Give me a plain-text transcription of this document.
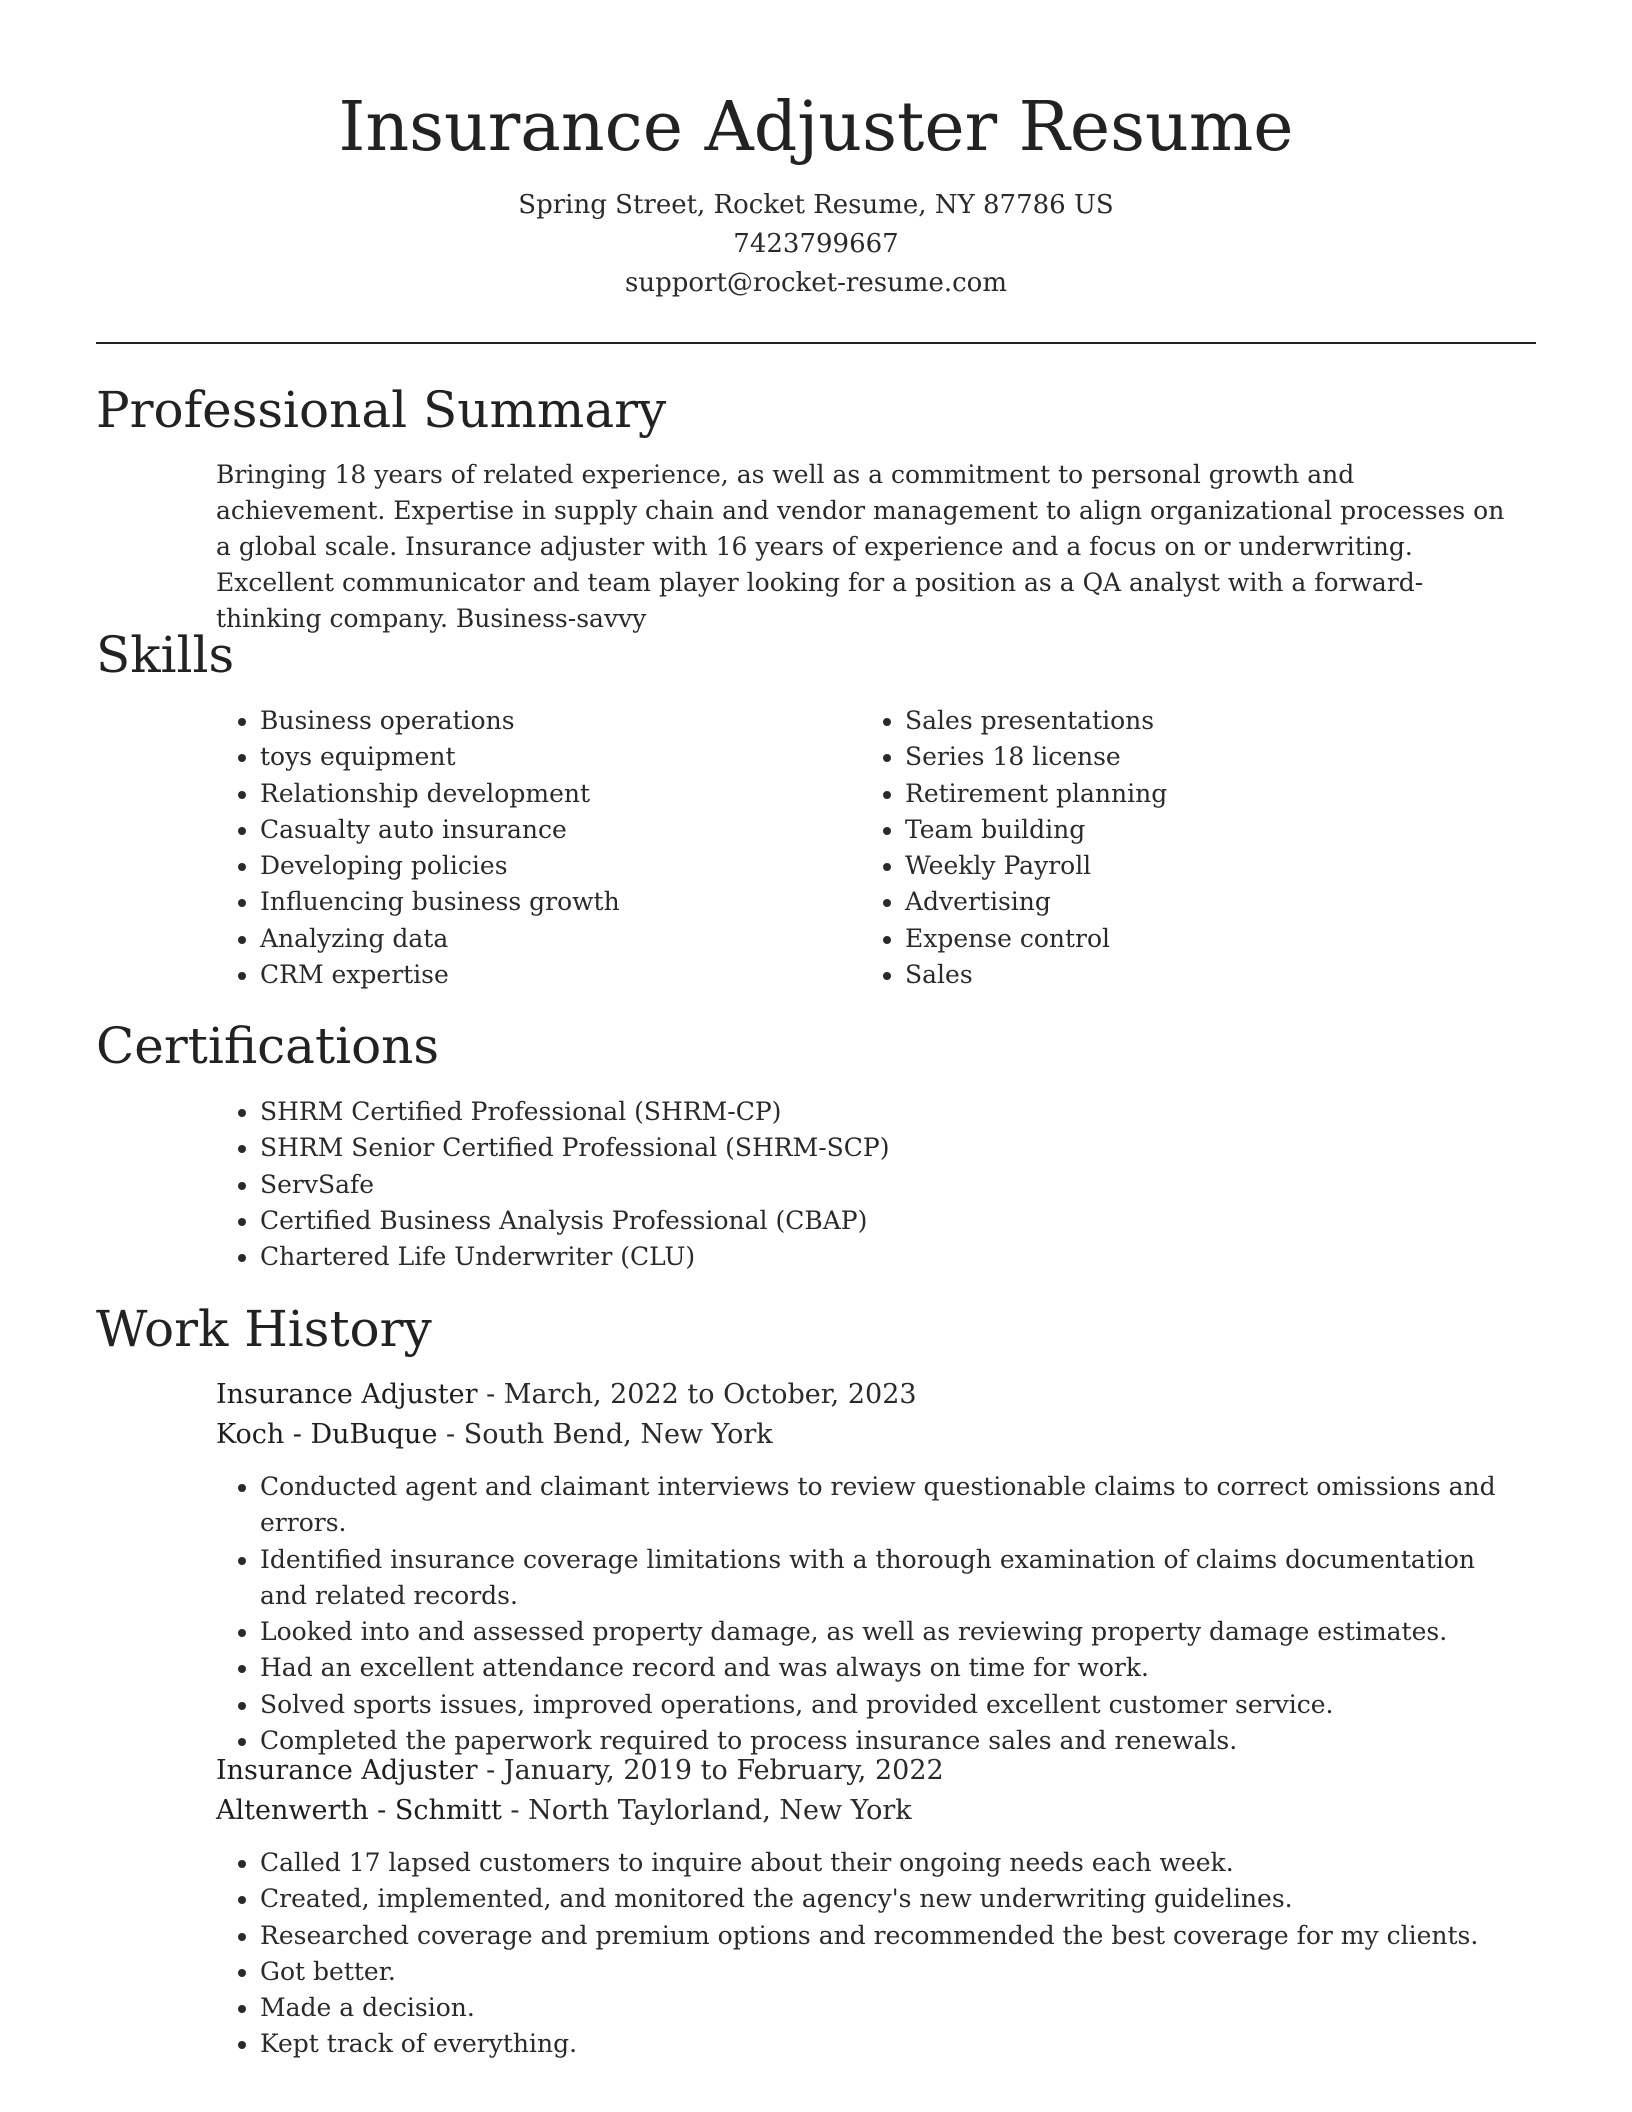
Insurance Adjuster Resume
Spring Street, Rocket Resume, NY 87786 US
7423799667
support@rocket-resume.com
Professional Summary
Bringing 18 years of related experience, as well as a commitment to personal growth and achievement. Expertise in supply chain and vendor management to align organizational processes on a global scale. Insurance adjuster with 16 years of experience and a focus on or underwriting. Excellent communicator and team player looking for a position as a QA analyst with a forward-thinking company. Business-savvy
Skills
• Business operations
• toys equipment
• Relationship development
• Casualty auto insurance
• Developing policies
• Influencing business growth
• Analyzing data
• CRM expertise
• Sales presentations
• Series 18 license
• Retirement planning
• Team building
• Weekly Payroll
• Advertising
• Expense control
• Sales
Certifications
• SHRM Certified Professional (SHRM-CP)
• SHRM Senior Certified Professional (SHRM-SCP)
• ServSafe
• Certified Business Analysis Professional (CBAP)
• Chartered Life Underwriter (CLU)
Work History
Insurance Adjuster - March, 2022 to October, 2023
Koch - DuBuque - South Bend, New York
• Conducted agent and claimant interviews to review questionable claims to correct omissions and errors.
• Identified insurance coverage limitations with a thorough examination of claims documentation and related records.
• Looked into and assessed property damage, as well as reviewing property damage estimates.
• Had an excellent attendance record and was always on time for work.
• Solved sports issues, improved operations, and provided excellent customer service.
• Completed the paperwork required to process insurance sales and renewals.
Insurance Adjuster - January, 2019 to February, 2022
Altenwerth - Schmitt - North Taylorland, New York
• Called 17 lapsed customers to inquire about their ongoing needs each week.
• Created, implemented, and monitored the agency's new underwriting guidelines.
• Researched coverage and premium options and recommended the best coverage for my clients.
• Got better.
• Made a decision.
• Kept track of everything.
